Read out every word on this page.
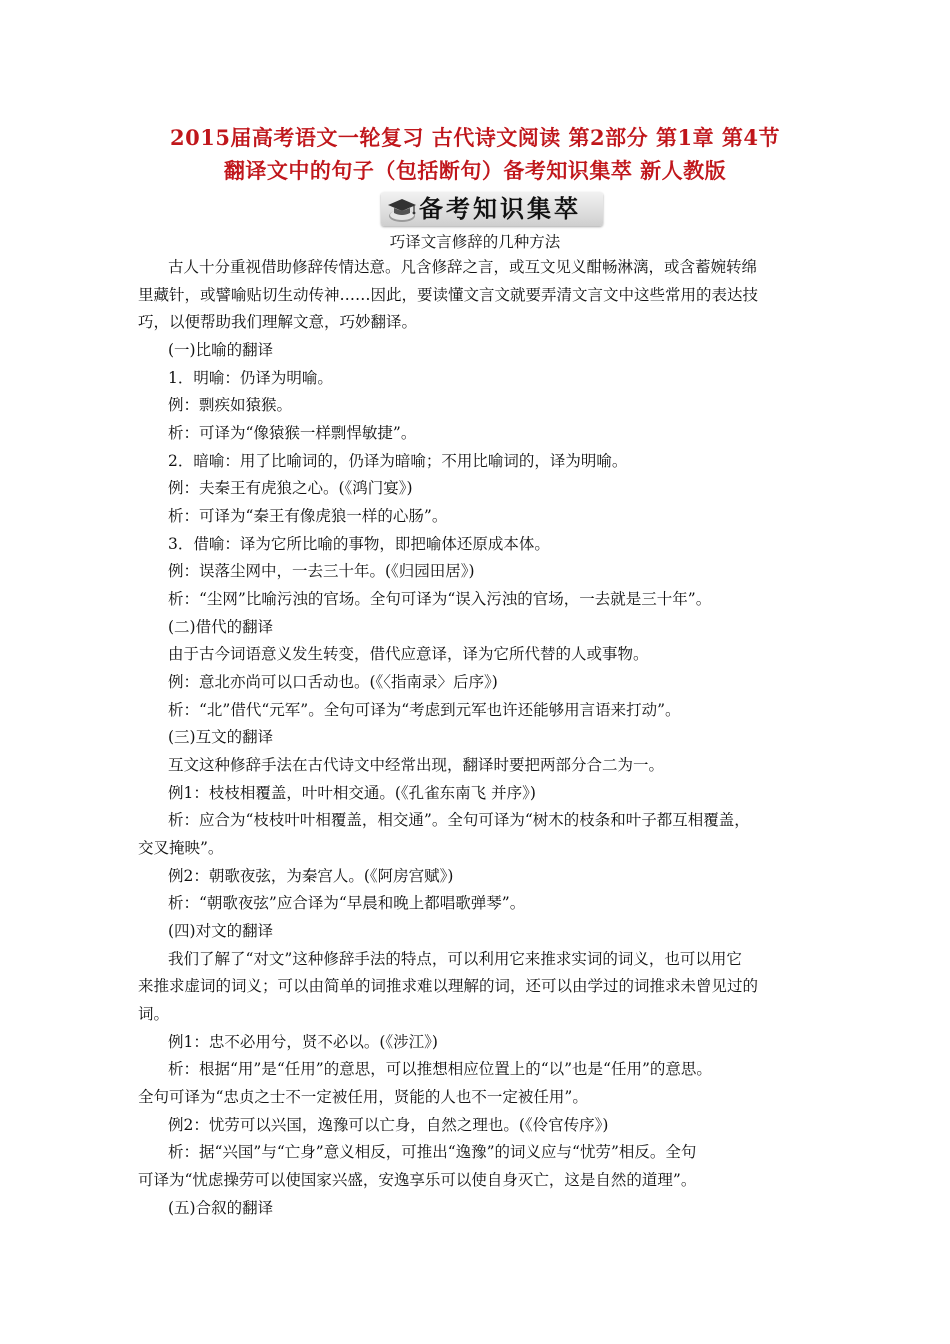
2015届高考语文一轮复习 古代诗文阅读 第2部分 第1章 第4节
翻译文中的句子（包括断句）备考知识集萃 新人教版
备考知识集萃
巧译文言修辞的几种方法
古人十分重视借助修辞传情达意。凡含修辞之言，或互文见义酣畅淋漓，或含蓄婉转绵
里藏针，或譬喻贴切生动传神……因此，要读懂文言文就要弄清文言文中这些常用的表达技
巧，以便帮助我们理解文意，巧妙翻译。
(一)比喻的翻译
1．明喻：仍译为明喻。
例：剽疾如猿猴。
析：可译为“像猿猴一样剽悍敏捷”。
2．暗喻：用了比喻词的，仍译为暗喻；不用比喻词的，译为明喻。
例：夫秦王有虎狼之心。(《鸿门宴》)
析：可译为“秦王有像虎狼一样的心肠”。
3．借喻：译为它所比喻的事物，即把喻体还原成本体。
例：误落尘网中，一去三十年。(《归园田居》)
析：“尘网”比喻污浊的官场。全句可译为“误入污浊的官场，一去就是三十年”。
(二)借代的翻译
由于古今词语意义发生转变，借代应意译，译为它所代替的人或事物。
例：意北亦尚可以口舌动也。(《〈指南录〉后序》)
析：“北”借代“元军”。全句可译为“考虑到元军也许还能够用言语来打动”。
(三)互文的翻译
互文这种修辞手法在古代诗文中经常出现，翻译时要把两部分合二为一。
例1：枝枝相覆盖，叶叶相交通。(《孔雀东南飞 并序》)
析：应合为“枝枝叶叶相覆盖，相交通”。全句可译为“树木的枝条和叶子都互相覆盖，
交叉掩映”。
例2：朝歌夜弦，为秦宫人。(《阿房宫赋》)
析：“朝歌夜弦”应合译为“早晨和晚上都唱歌弹琴”。
(四)对文的翻译
我们了解了“对文”这种修辞手法的特点，可以利用它来推求实词的词义，也可以用它
来推求虚词的词义；可以由简单的词推求难以理解的词，还可以由学过的词推求未曾见过的
词。
例1：忠不必用兮，贤不必以。(《涉江》)
析：根据“用”是“任用”的意思，可以推想相应位置上的“以”也是“任用”的意思。
全句可译为“忠贞之士不一定被任用，贤能的人也不一定被任用”。
例2：忧劳可以兴国，逸豫可以亡身，自然之理也。(《伶官传序》)
析：据“兴国”与“亡身”意义相反，可推出“逸豫”的词义应与“忧劳”相反。全句
可译为“忧虑操劳可以使国家兴盛，安逸享乐可以使自身灭亡，这是自然的道理”。
(五)合叙的翻译
